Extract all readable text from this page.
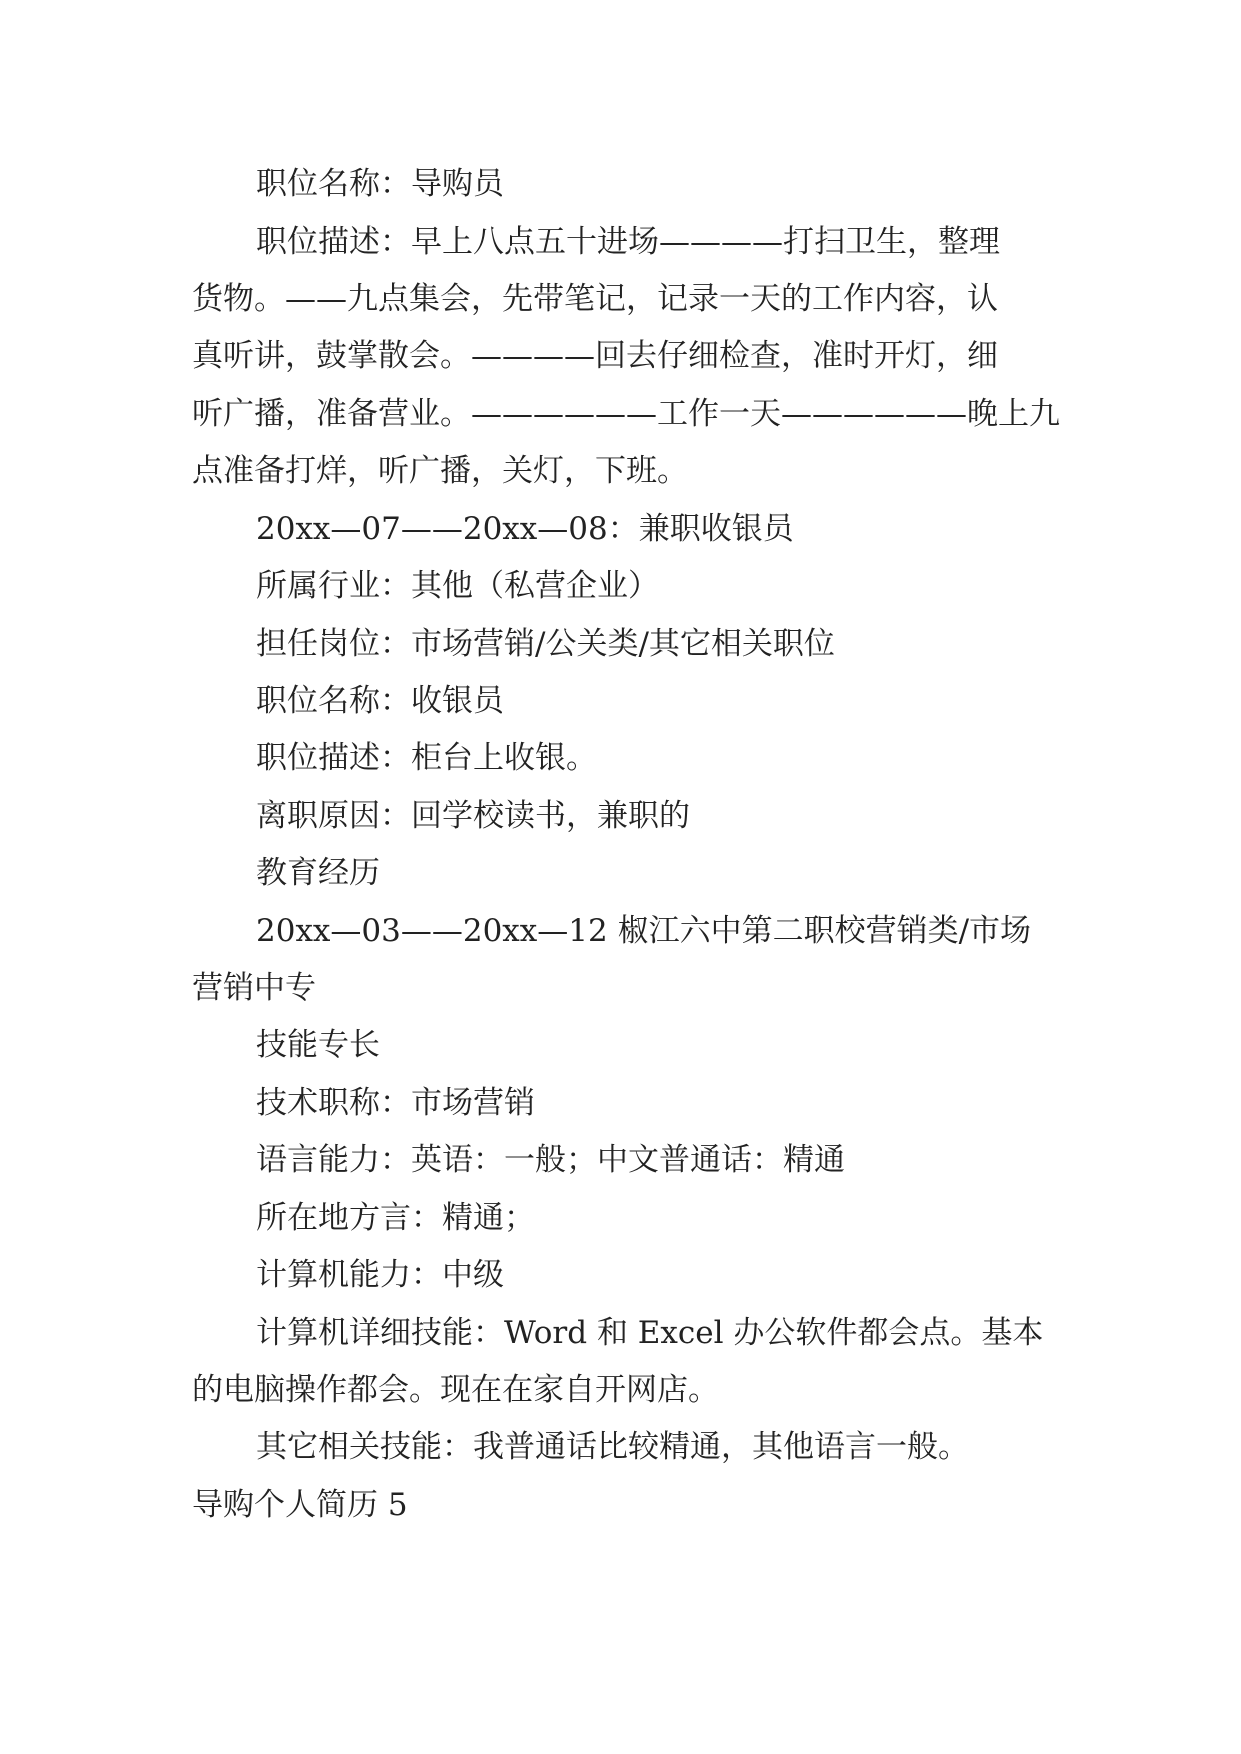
职位名称：导购员
职位描述：早上八点五十进场————打扫卫生，整理
货物。——九点集会，先带笔记，记录一天的工作内容，认
真听讲，鼓掌散会。————回去仔细检查，准时开灯，细
听广播，准备营业。——————工作一天——————晚上九
点准备打烊，听广播，关灯，下班。
20xx—07——20xx—08：兼职收银员
所属行业：其他（私营企业）
担任岗位：市场营销/公关类/其它相关职位
职位名称：收银员
职位描述：柜台上收银。
离职原因：回学校读书，兼职的
教育经历
20xx—03——20xx—12 椒江六中第二职校营销类/市场
营销中专
技能专长
技术职称：市场营销
语言能力：英语：一般；中文普通话：精通
所在地方言：精通；
计算机能力：中级
计算机详细技能：Word 和 Excel 办公软件都会点。基本
的电脑操作都会。现在在家自开网店。
其它相关技能：我普通话比较精通，其他语言一般。
导购个人简历 5
